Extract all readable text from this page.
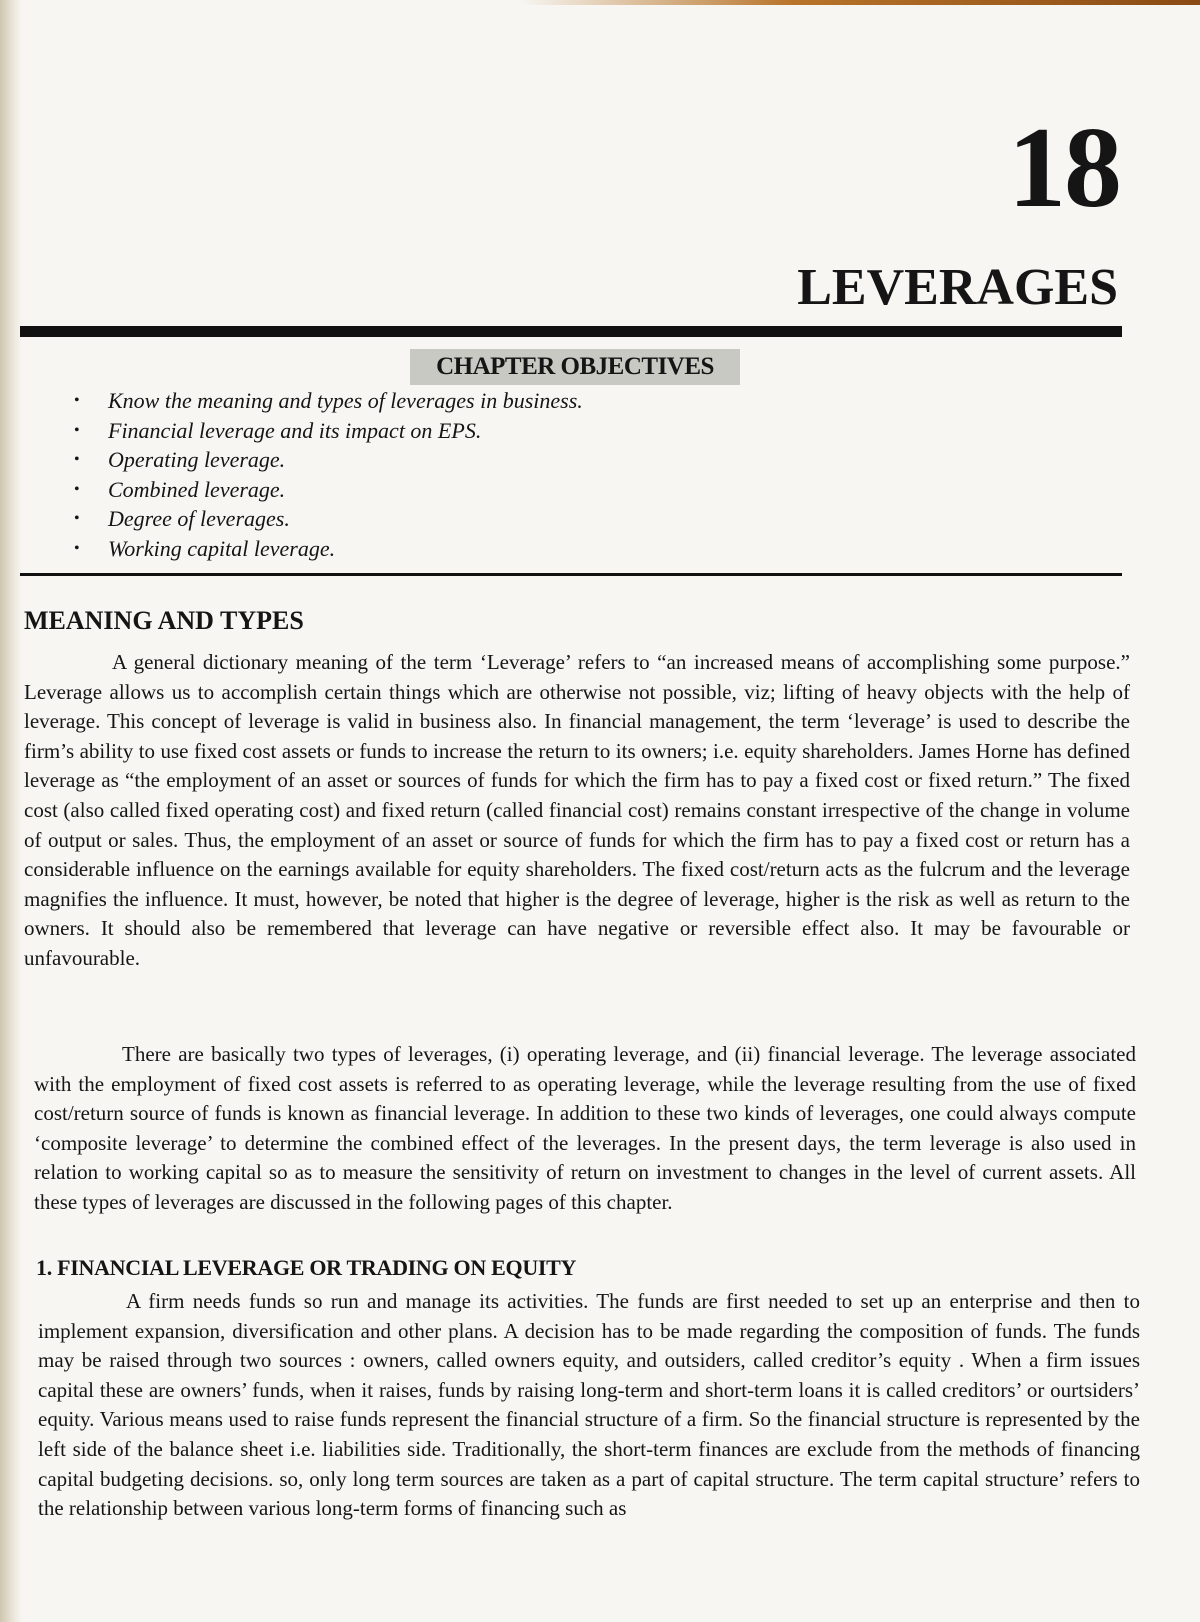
18
LEVERAGES
CHAPTER OBJECTIVES
•	Know the meaning and types of leverages in business.
•	Financial leverage and its impact on EPS.
•	Operating leverage.
•	Combined leverage.
•	Degree of leverages.
•	Working capital leverage.
MEANING AND TYPES

A general dictionary meaning of the term ‘Leverage’ refers to “an increased means of accomplishing some purpose.” Leverage allows us to accomplish certain things which are otherwise not possible, viz; lifting of heavy objects with the help of leverage. This concept of leverage is valid in business also. In financial management, the term ‘leverage’ is used to describe the firm’s ability to use fixed cost assets or funds to increase the return to its owners; i.e. equity shareholders. James Horne has defined leverage as “the employment of an asset or sources of funds for which the firm has to pay a fixed cost or fixed return.” The fixed cost (also called fixed operating cost) and fixed return (called financial cost) remains constant irrespective of the change in volume of output or sales. Thus, the employment of an asset or source of funds for which the firm has to pay a fixed cost or return has a considerable influence on the earnings available for equity shareholders. The fixed cost/return acts as the fulcrum and the leverage magnifies the influence. It must, however, be noted that higher is the degree of leverage, higher is the risk as well as return to the owners. It should also be remembered that leverage can have negative or reversible effect also. It may be favourable or unfavourable.

There are basically two types of leverages, (i) operating leverage, and (ii) financial leverage. The leverage associated with the employment of fixed cost assets is referred to as operating leverage, while the leverage resulting from the use of fixed cost/return source of funds is known as financial leverage. In addition to these two kinds of leverages, one could always compute ‘composite leverage’ to determine the combined effect of the leverages. In the present days, the term leverage is also used in relation to working capital so as to measure the sensitivity of return on investment to changes in the level of current assets. All these types of leverages are discussed in the following pages of this chapter.

1. FINANCIAL LEVERAGE OR TRADING ON EQUITY

A firm needs funds so run and manage its activities. The funds are first needed to set up an enterprise and then to implement expansion, diversification and other plans. A decision has to be made regarding the composition of funds. The funds may be raised through two sources : owners, called owners equity, and outsiders, called creditor’s equity . When a firm issues capital these are owners’ funds, when it raises, funds by raising long-term and short-term loans it is called creditors’ or ourtsiders’ equity. Various means used to raise funds represent the financial structure of a firm. So the financial structure is represented by the left side of the balance sheet i.e. liabilities side. Traditionally, the short-term finances are exclude from the methods of financing capital budgeting decisions. so, only long term sources are taken as a part of capital structure. The term capital structure’ refers to the relationship between various long-term forms of financing such as
